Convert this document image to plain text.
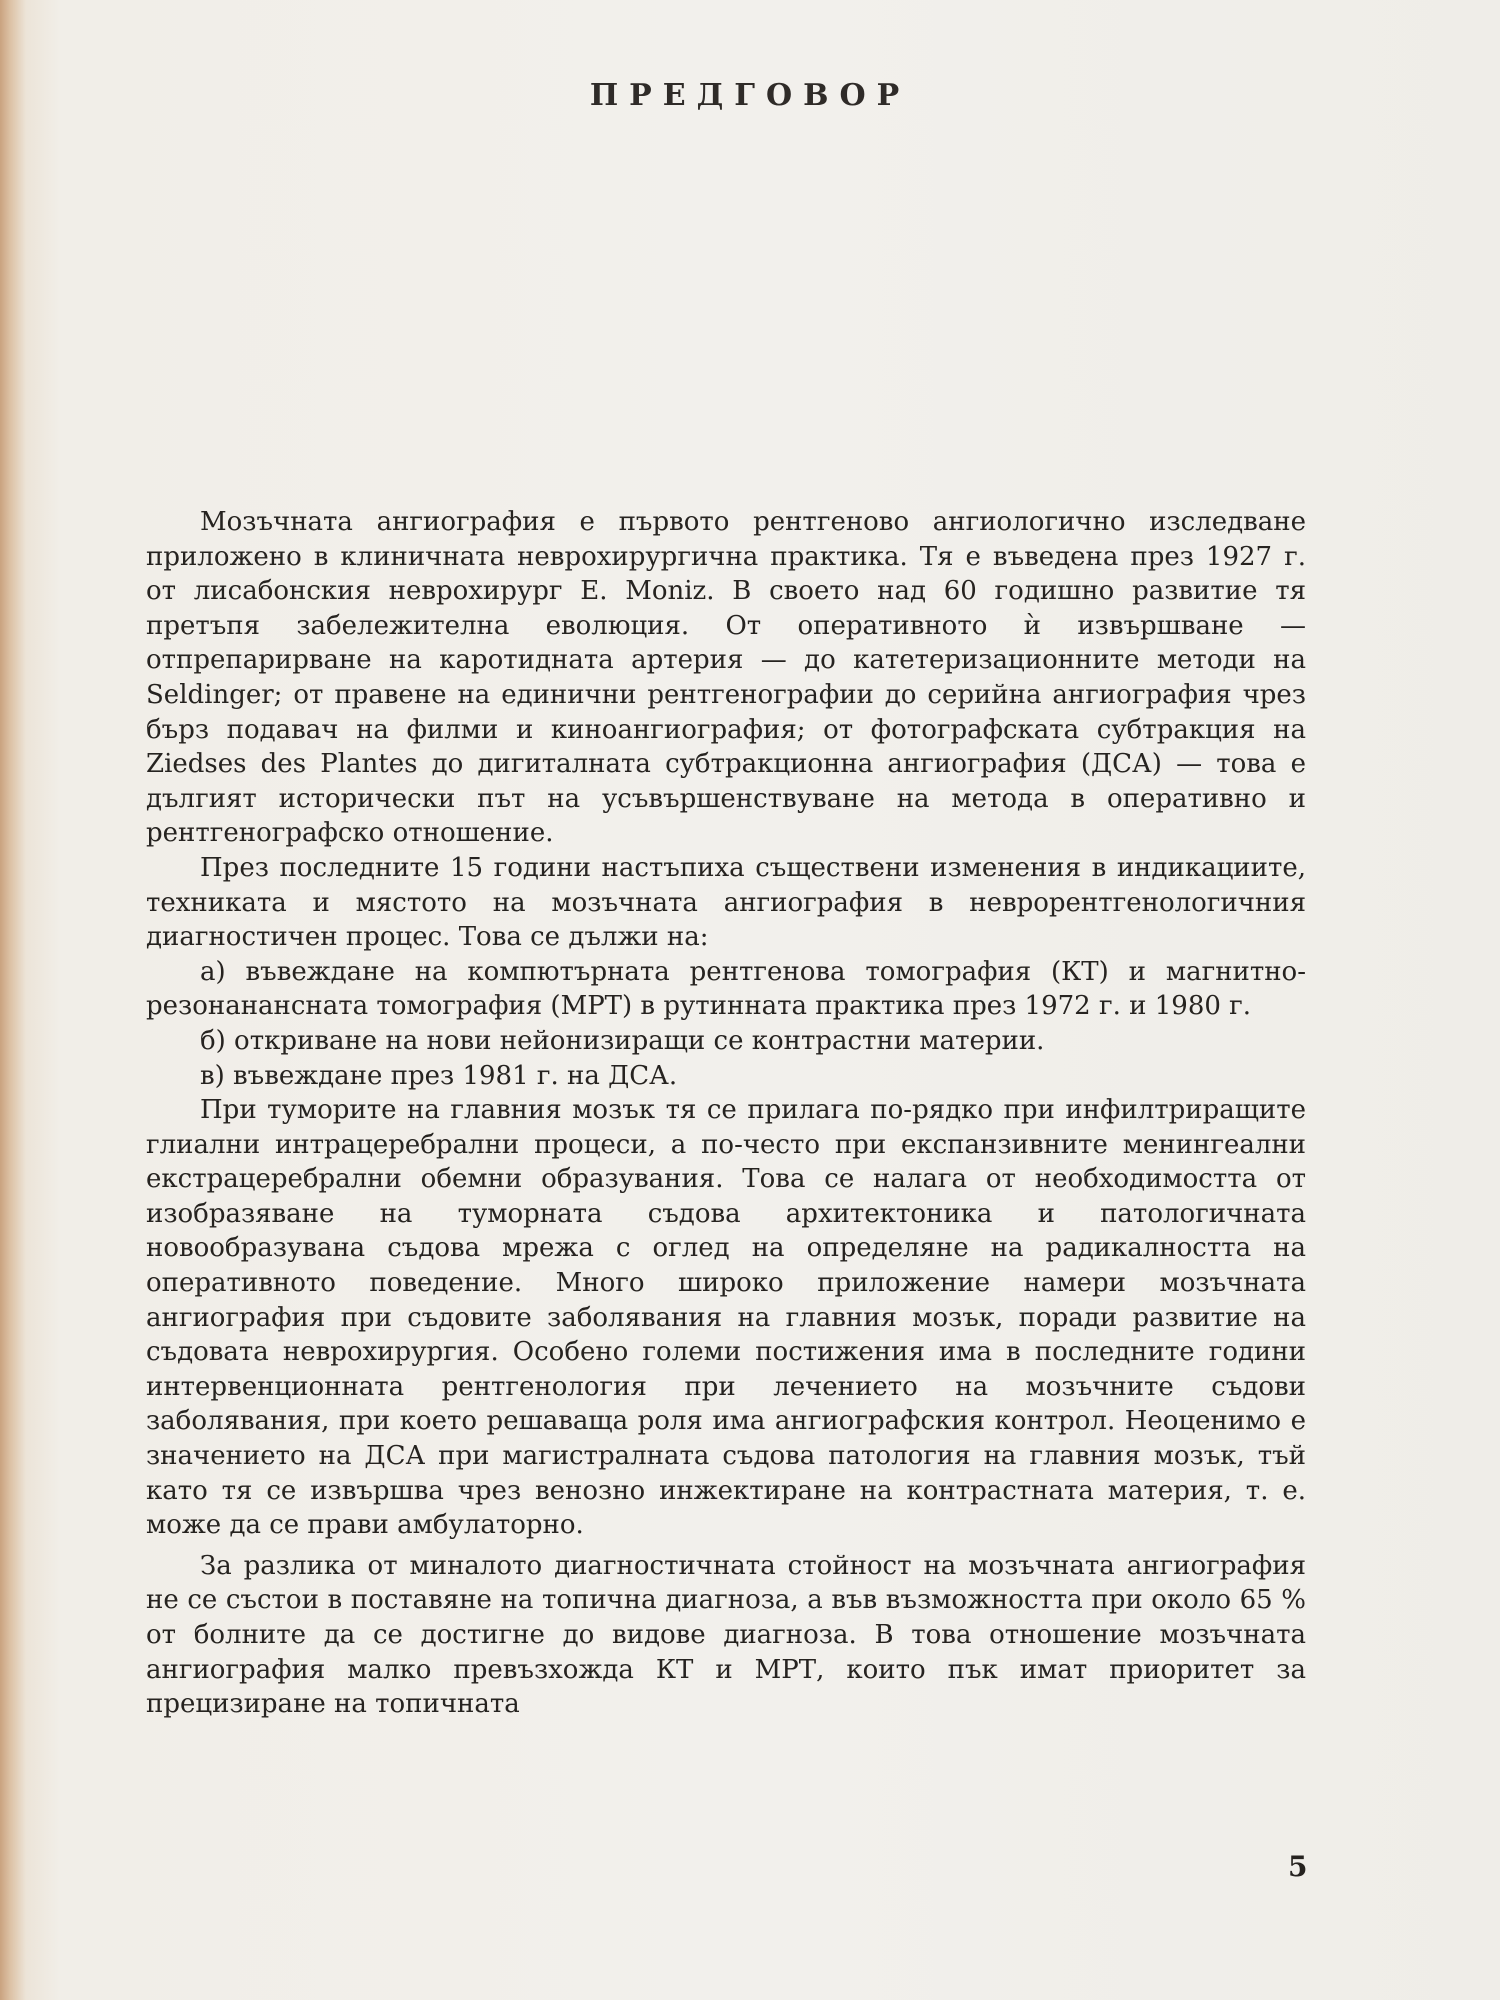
ПРЕДГОВОР

Мозъчната ангиография е първото рентгеново ангиологично изследване приложено в клиничната неврохирургична практика. Тя е въведена през 1927 г. от лисабонския неврохирург E. Moniz. В своето над 60 годишно развитие тя претъпя забележителна еволюция. От оперативното ѝ извършване — отпрепарирване на каротидната артерия — до катетеризационните методи на Seldinger; от правене на единични рентгенографии до серийна ангиография чрез бърз подавач на филми и киноангиография; от фотографската субтракция на Ziedses des Plantes до дигиталната субтракционна ангиография (ДСА) — това е дългият исторически път на усъвършенствуване на метода в оперативно и рентгенографско отношение.

През последните 15 години настъпиха съществени изменения в индикациите, техниката и мястото на мозъчната ангиография в неврорентгенологичния диагностичен процес. Това се дължи на:

а) въвеждане на компютърната рентгенова томография (КТ) и магнитно-резонанансната томография (МРТ) в рутинната практика през 1972 г. и 1980 г.

б) откриване на нови нейонизиращи се контрастни материи.

в) въвеждане през 1981 г. на ДСА.

При туморите на главния мозък тя се прилага по-рядко при инфилтриращите глиални интрацеребрални процеси, а по-често при експанзивните менингеални екстрацеребрални обемни образувания. Това се налага от необходимостта от изобразяване на туморната съдова архитектоника и патологичната новообразувана съдова мрежа с оглед на определяне на радикалността на оперативното поведение. Много широко приложение намери мозъчната ангиография при съдовите заболявания на главния мозък, поради развитие на съдовата неврохирургия. Особено големи постижения има в последните години интервенционната рентгенология при лечението на мозъчните съдови заболявания, при което решаваща роля има ангиографския контрол. Неоценимо е значението на ДСА при магистралната съдова патология на главния мозък, тъй като тя се извършва чрез венозно инжектиране на контрастната материя, т. е. може да се прави амбулаторно.

За разлика от миналото диагностичната стойност на мозъчната ангиография не се състои в поставяне на топична диагноза, а във възможността при около 65 % от болните да се достигне до видове диагноза. В това отношение мозъчната ангиография малко превъзхожда КТ и МРТ, които пък имат приоритет за прецизиране на топичната

5
